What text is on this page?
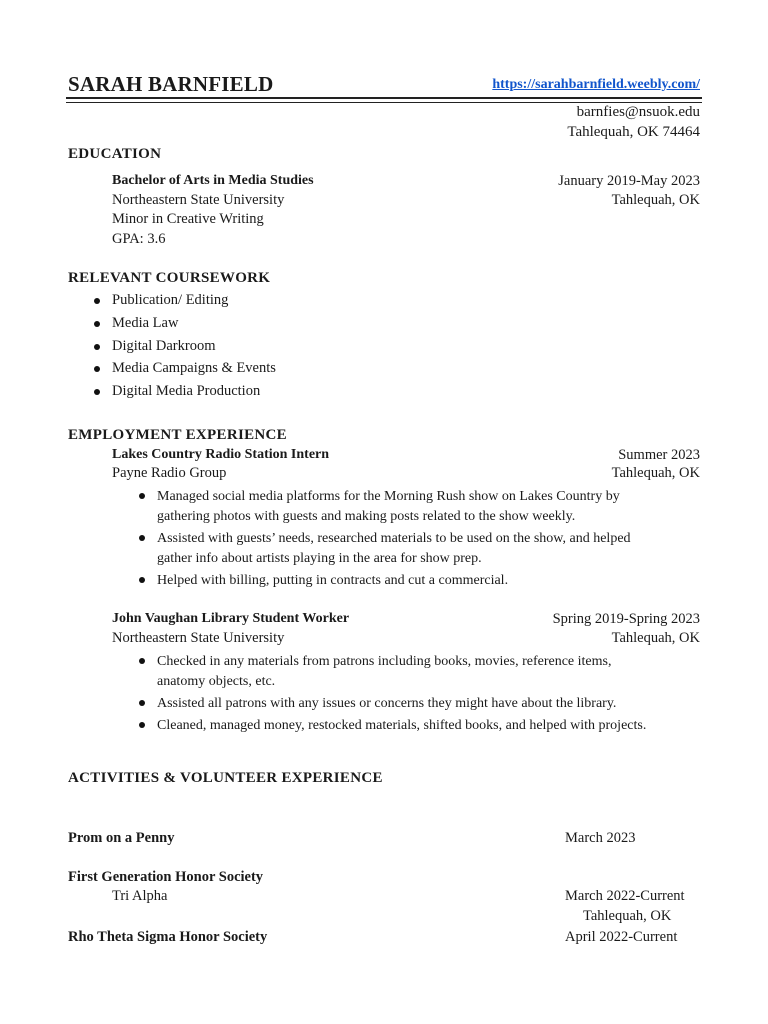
SARAH BARNFIELD	https://sarahbarnfield.weebly.com/
barnfies@nsuok.edu
Tahlequah, OK 74464
EDUCATION
Bachelor of Arts in Media Studies	January 2019-May 2023
Northeastern State University	Tahlequah, OK
Minor in Creative Writing
GPA: 3.6
RELEVANT COURSEWORK
Publication/ Editing
Media Law
Digital Darkroom
Media Campaigns & Events
Digital Media Production
EMPLOYMENT EXPERIENCE
Lakes Country Radio Station Intern	Summer 2023
Payne Radio Group	Tahlequah, OK
Managed social media platforms for the Morning Rush show on Lakes Country by
gathering photos with guests and making posts related to the show weekly.
Assisted with guests’ needs, researched materials to be used on the show, and helped
gather info about artists playing in the area for show prep.
Helped with billing, putting in contracts and cut a commercial.
John Vaughan Library Student Worker	Spring 2019-Spring 2023
Northeastern State University	Tahlequah, OK
Checked in any materials from patrons including books, movies, reference items,
anatomy objects, etc.
Assisted all patrons with any issues or concerns they might have about the library.
Cleaned, managed money, restocked materials, shifted books, and helped with projects.
ACTIVITIES & VOLUNTEER EXPERIENCE
Prom on a Penny	March 2023
First Generation Honor Society
Tri Alpha	March 2022-Current
Tahlequah, OK
Rho Theta Sigma Honor Society	April 2022-Current
